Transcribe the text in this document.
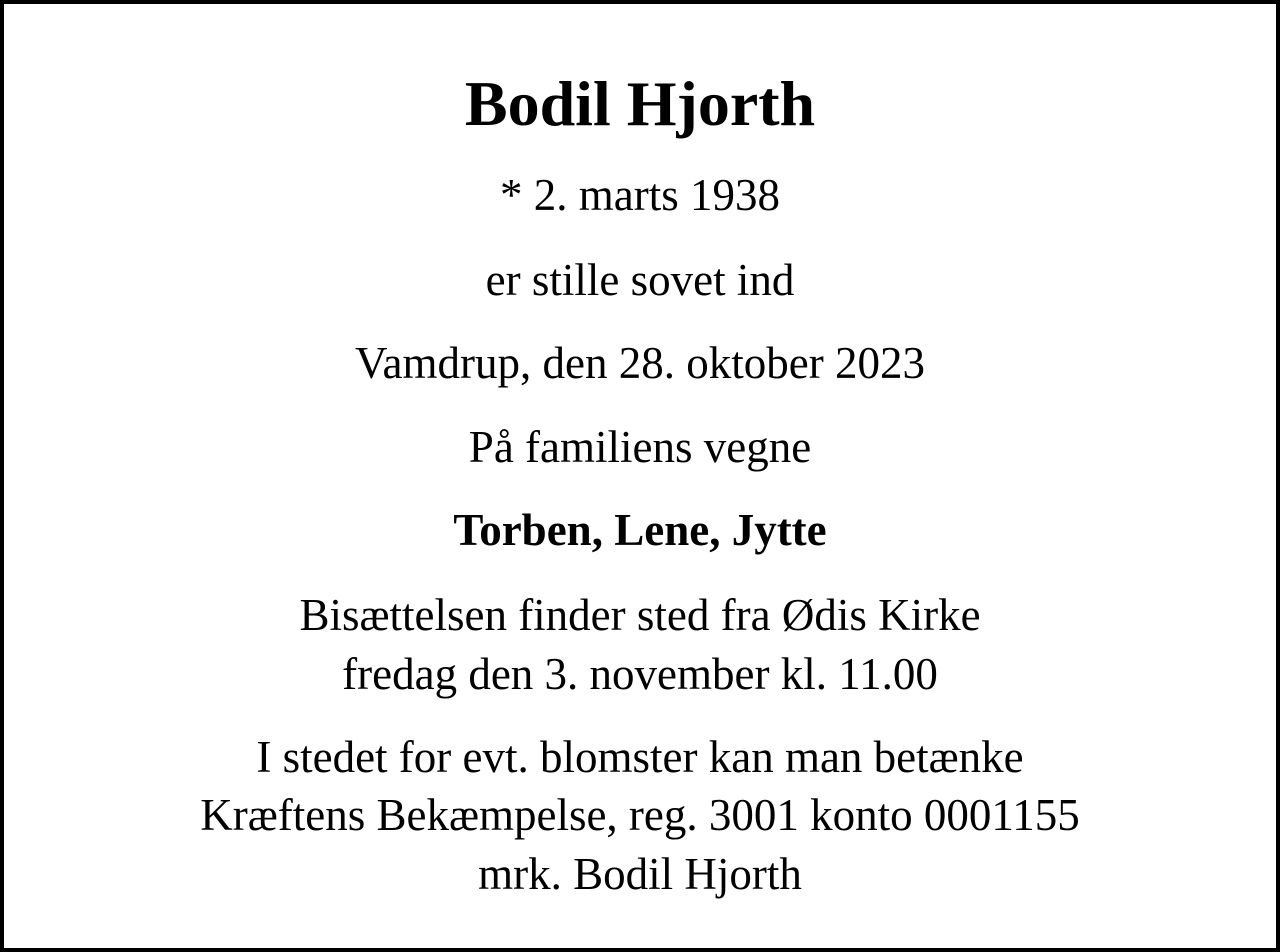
Bodil Hjorth
* 2. marts 1938
er stille sovet ind
Vamdrup, den 28. oktober 2023
På familiens vegne
Torben, Lene, Jytte
Bisættelsen finder sted fra Ødis Kirke
fredag den 3. november kl. 11.00
I stedet for evt. blomster kan man betænke
Kræftens Bekæmpelse, reg. 3001 konto 0001155
mrk. Bodil Hjorth
